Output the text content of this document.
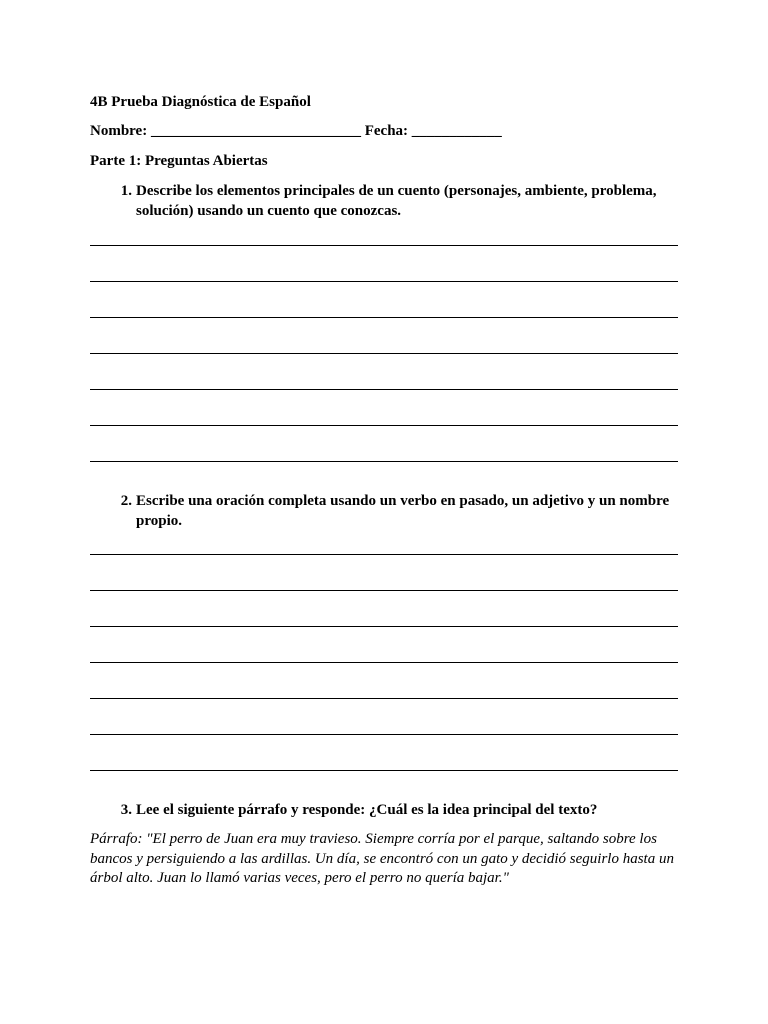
4B Prueba Diagnóstica de Español
Nombre: ____________________________ Fecha: ____________
Parte 1: Preguntas Abiertas
1. Describe los elementos principales de un cuento (personajes, ambiente, problema, solución) usando un cuento que conozcas.
2. Escribe una oración completa usando un verbo en pasado, un adjetivo y un nombre propio.
3. Lee el siguiente párrafo y responde: ¿Cuál es la idea principal del texto?
Párrafo: "El perro de Juan era muy travieso. Siempre corría por el parque, saltando sobre los bancos y persiguiendo a las ardillas. Un día, se encontró con un gato y decidió seguirlo hasta un árbol alto. Juan lo llamó varias veces, pero el perro no quería bajar."
